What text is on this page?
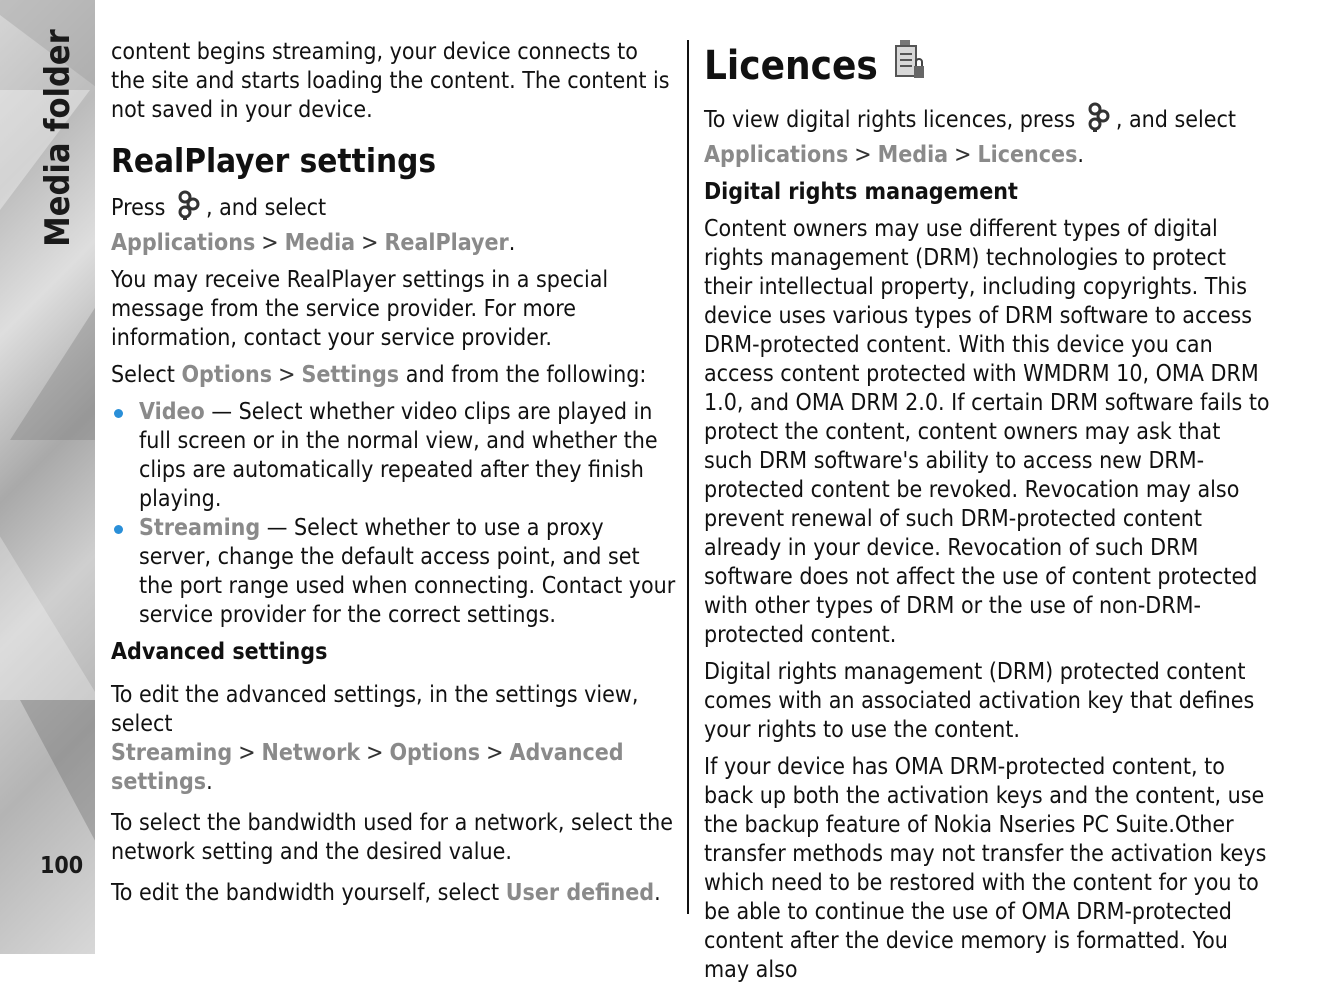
Media folder
100

content begins streaming, your device connects to the site and starts loading the content. The content is not saved in your device.

RealPlayer settings

Press , and select Applications > Media > RealPlayer.

You may receive RealPlayer settings in a special message from the service provider. For more information, contact your service provider.

Select Options > Settings and from the following:

Video — Select whether video clips are played in full screen or in the normal view, and whether the clips are automatically repeated after they finish playing.
Streaming — Select whether to use a proxy server, change the default access point, and set the port range used when connecting. Contact your service provider for the correct settings.
Advanced settings

To edit the advanced settings, in the settings view, select Streaming > Network > Options > Advanced settings.

To select the bandwidth used for a network, select the network setting and the desired value.

To edit the bandwidth yourself, select User defined.

Licences

To view digital rights licences, press , and select Applications > Media > Licences.

Digital rights management

Content owners may use different types of digital rights management (DRM) technologies to protect their intellectual property, including copyrights. This device uses various types of DRM software to access DRM-protected content. With this device you can access content protected with WMDRM 10, OMA DRM 1.0, and OMA DRM 2.0. If certain DRM software fails to protect the content, content owners may ask that such DRM software's ability to access new DRM-protected content be revoked. Revocation may also prevent renewal of such DRM-protected content already in your device. Revocation of such DRM software does not affect the use of content protected with other types of DRM or the use of non-DRM-protected content.

Digital rights management (DRM) protected content comes with an associated activation key that defines your rights to use the content.

If your device has OMA DRM-protected content, to back up both the activation keys and the content, use the backup feature of Nokia Nseries PC Suite.Other transfer methods may not transfer the activation keys which need to be restored with the content for you to be able to continue the use of OMA DRM-protected content after the device memory is formatted. You may also
